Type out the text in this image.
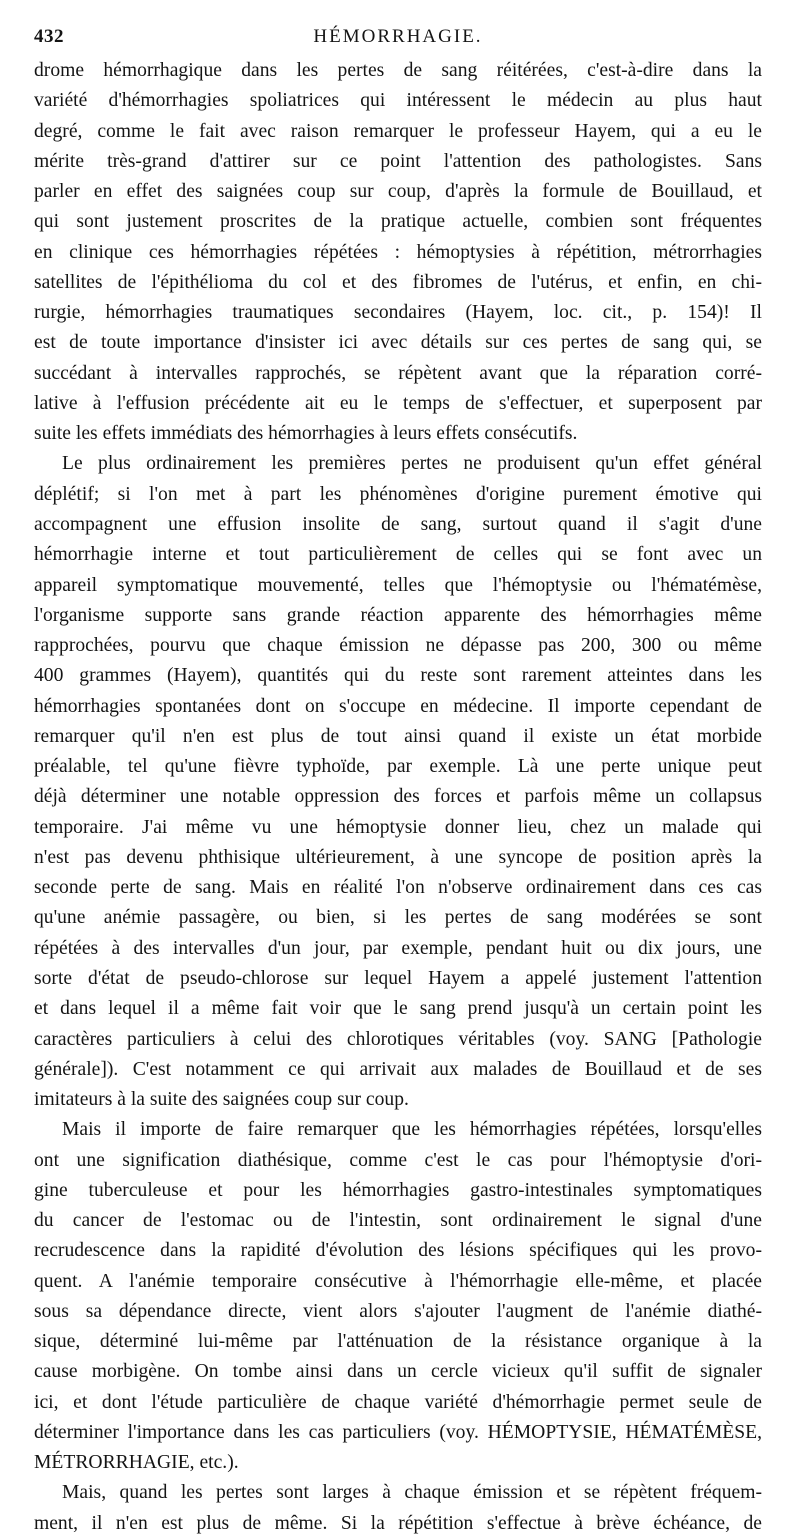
432	HÉMORRHAGIE.
drome hémorrhagique dans les pertes de sang réitérées, c'est-à-dire dans la
variété d'hémorrhagies spoliatrices qui intéressent le médecin au plus haut
degré, comme le fait avec raison remarquer le professeur Hayem, qui a eu le
mérite très-grand d'attirer sur ce point l'attention des pathologistes. Sans
parler en effet des saignées coup sur coup, d'après la formule de Bouillaud, et
qui sont justement proscrites de la pratique actuelle, combien sont fréquentes
en clinique ces hémorrhagies répétées : hémoptysies à répétition, métrorrhagies
satellites de l'épithélioma du col et des fibromes de l'utérus, et enfin, en chi-
rurgie, hémorrhagies traumatiques secondaires (Hayem, loc. cit., p. 154)! Il
est de toute importance d'insister ici avec détails sur ces pertes de sang qui, se
succédant à intervalles rapprochés, se répètent avant que la réparation corré-
lative à l'effusion précédente ait eu le temps de s'effectuer, et superposent par
suite les effets immédiats des hémorrhagies à leurs effets consécutifs.
Le plus ordinairement les premières pertes ne produisent qu'un effet général
déplétif; si l'on met à part les phénomènes d'origine purement émotive qui
accompagnent une effusion insolite de sang, surtout quand il s'agit d'une
hémorrhagie interne et tout particulièrement de celles qui se font avec un
appareil symptomatique mouvementé, telles que l'hémoptysie ou l'hématémèse,
l'organisme supporte sans grande réaction apparente des hémorrhagies même
rapprochées, pourvu que chaque émission ne dépasse pas 200, 300 ou même
400 grammes (Hayem), quantités qui du reste sont rarement atteintes dans les
hémorrhagies spontanées dont on s'occupe en médecine. Il importe cependant de
remarquer qu'il n'en est plus de tout ainsi quand il existe un état morbide
préalable, tel qu'une fièvre typhoïde, par exemple. Là une perte unique peut
déjà déterminer une notable oppression des forces et parfois même un collapsus
temporaire. J'ai même vu une hémoptysie donner lieu, chez un malade qui
n'est pas devenu phthisique ultérieurement, à une syncope de position après la
seconde perte de sang. Mais en réalité l'on n'observe ordinairement dans ces cas
qu'une anémie passagère, ou bien, si les pertes de sang modérées se sont
répétées à des intervalles d'un jour, par exemple, pendant huit ou dix jours, une
sorte d'état de pseudo-chlorose sur lequel Hayem a appelé justement l'attention
et dans lequel il a même fait voir que le sang prend jusqu'à un certain point les
caractères particuliers à celui des chlorotiques véritables (voy. SANG [Pathologie
générale]). C'est notamment ce qui arrivait aux malades de Bouillaud et de ses
imitateurs à la suite des saignées coup sur coup.
Mais il importe de faire remarquer que les hémorrhagies répétées, lorsqu'elles
ont une signification diathésique, comme c'est le cas pour l'hémoptysie d'ori-
gine tuberculeuse et pour les hémorrhagies gastro-intestinales symptomatiques
du cancer de l'estomac ou de l'intestin, sont ordinairement le signal d'une
recrudescence dans la rapidité d'évolution des lésions spécifiques qui les provo-
quent. A l'anémie temporaire consécutive à l'hémorrhagie elle-même, et placée
sous sa dépendance directe, vient alors s'ajouter l'augment de l'anémie diathé-
sique, déterminé lui-même par l'atténuation de la résistance organique à la
cause morbigène. On tombe ainsi dans un cercle vicieux qu'il suffit de signaler
ici, et dont l'étude particulière de chaque variété d'hémorrhagie permet seule de
déterminer l'importance dans les cas particuliers (voy. HÉMOPTYSIE, HÉMATÉMÈSE,
MÉTRORRHAGIE, etc.).
Mais, quand les pertes sont larges à chaque émission et se répètent fréquem-
ment, il n'en est plus de même. Si la répétition s'effectue à brève échéance, de
